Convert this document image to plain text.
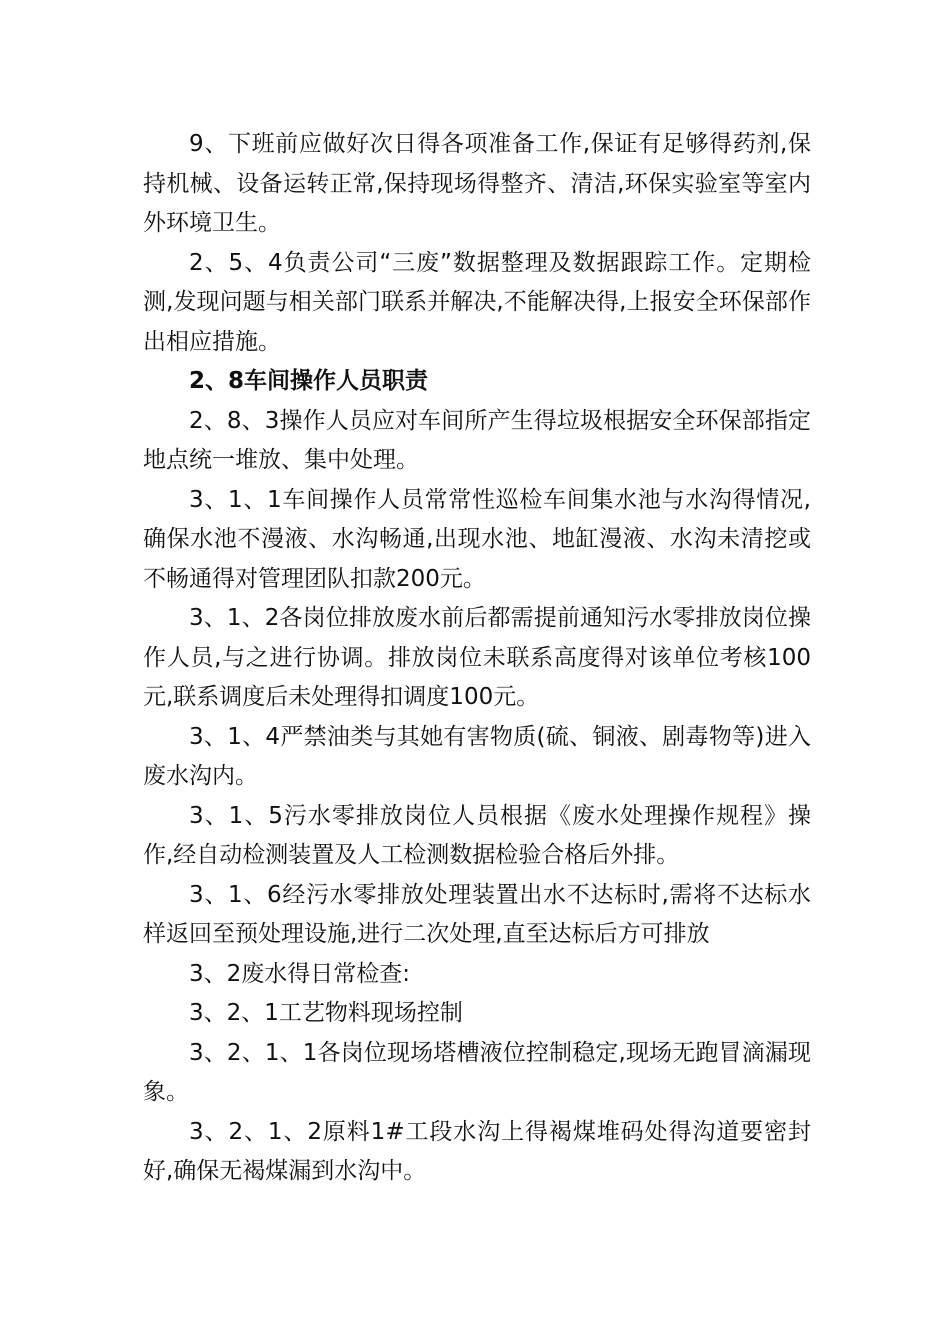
9、下班前应做好次日得各项准备工作,保证有足够得药剂,保持机械、设备运转正常,保持现场得整齐、清洁,环保实验室等室内外环境卫生。

2、5、4负责公司“三废”数据整理及数据跟踪工作。定期检测,发现问题与相关部门联系并解决,不能解决得,上报安全环保部作出相应措施。

2、8车间操作人员职责

2、8、3操作人员应对车间所产生得垃圾根据安全环保部指定地点统一堆放、集中处理。

3、1、1车间操作人员常常性巡检车间集水池与水沟得情况,确保水池不漫液、水沟畅通,出现水池、地缸漫液、水沟未清挖或不畅通得对管理团队扣款200元。

3、1、2各岗位排放废水前后都需提前通知污水零排放岗位操作人员,与之进行协调。排放岗位未联系高度得对该单位考核100元,联系调度后未处理得扣调度100元。

3、1、4严禁油类与其她有害物质(硫、铜液、剧毒物等)进入废水沟内。

3、1、5污水零排放岗位人员根据《废水处理操作规程》操作,经自动检测装置及人工检测数据检验合格后外排。

3、1、6经污水零排放处理装置出水不达标时,需将不达标水样返回至预处理设施,进行二次处理,直至达标后方可排放

3、2废水得日常检查:

3、2、1工艺物料现场控制

3、2、1、1各岗位现场塔槽液位控制稳定,现场无跑冒滴漏现象。

3、2、1、2原料1#工段水沟上得褐煤堆码处得沟道要密封好,确保无褐煤漏到水沟中。
